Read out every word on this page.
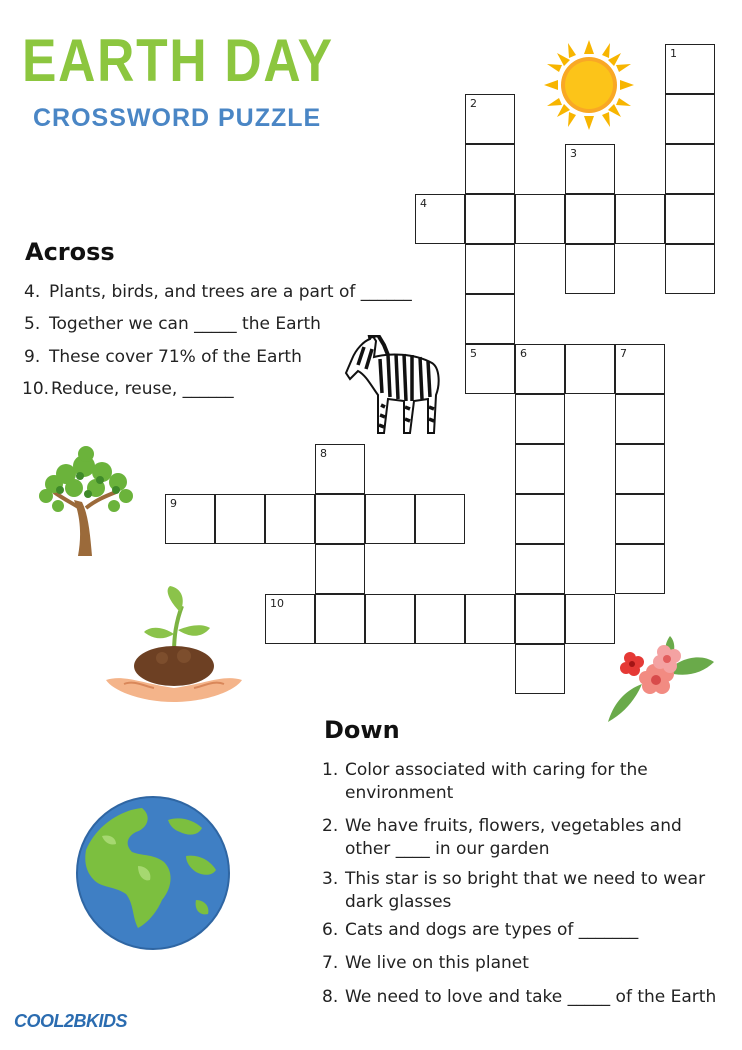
EARTH DAY
CROSSWORD PUZZLE
Across
4. Plants, birds, and trees are a part of ______
5. Together we can _____ the Earth
9. These cover 71% of the Earth
10. Reduce, reuse, ______
1
2
3
4
5	6	7
8
9
10
Down
1. Color associated with caring for the
environment
2. We have fruits, flowers, vegetables and
other ____ in our garden
3. This star is so bright that we need to wear
dark glasses
6. Cats and dogs are types of _______
7. We live on this planet
8. We need to love and take _____ of the Earth
COOL2BKIDS
